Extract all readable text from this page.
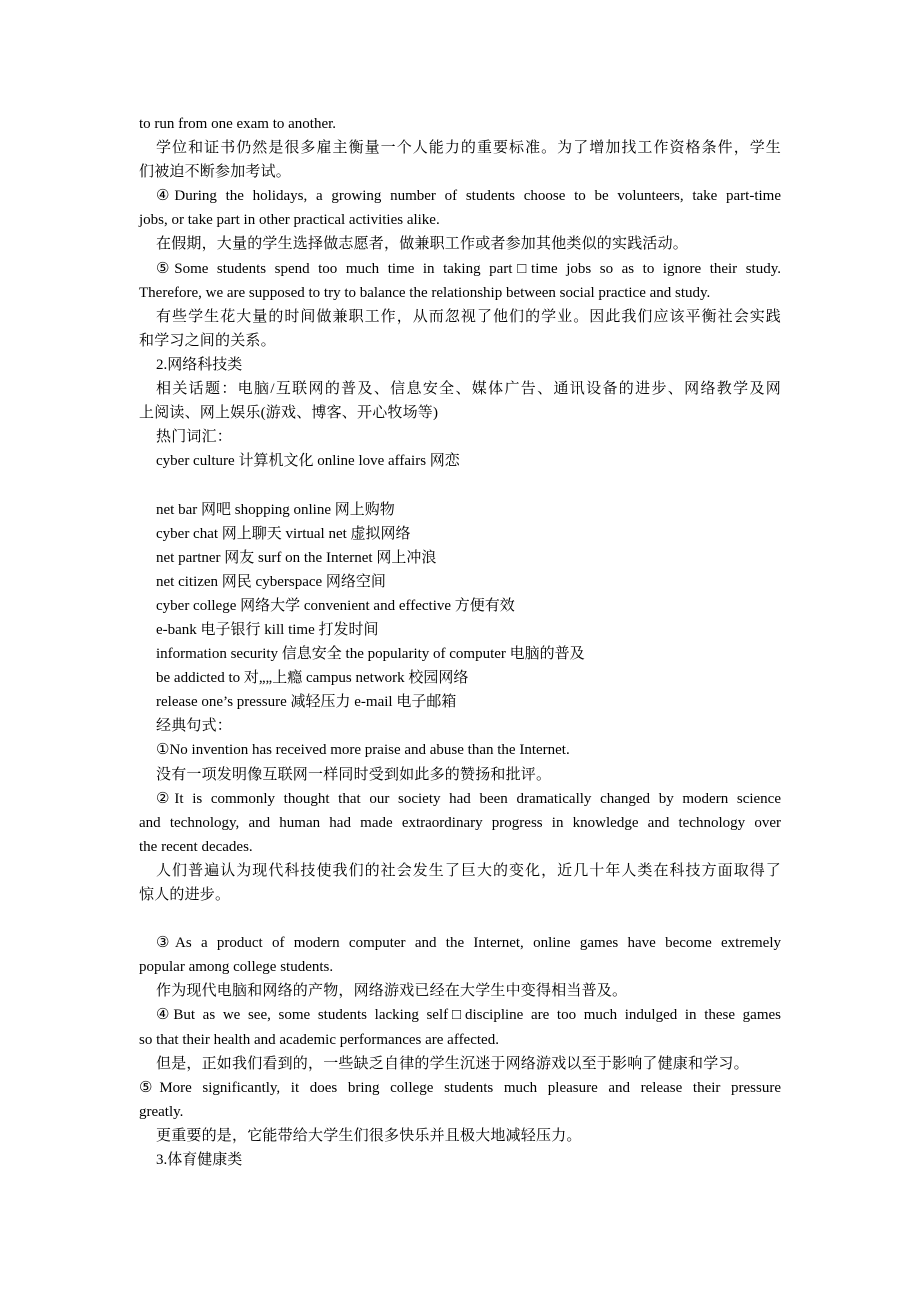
to run from one exam to another.
学位和证书仍然是很多雇主衡量一个人能力的重要标准。为了增加找工作资格条件，学生
们被迫不断参加考试。
④During the holidays, a growing number of students choose to be volunteers, take part-time
jobs, or take part in other practical activities alike.
在假期，大量的学生选择做志愿者，做兼职工作或者参加其他类似的实践活动。
⑤Some students spend too much time in taking part□time jobs so as to ignore their study.
Therefore, we are supposed to try to balance the relationship between social practice and study.
有些学生花大量的时间做兼职工作，从而忽视了他们的学业。因此我们应该平衡社会实践
和学习之间的关系。
2.网络科技类
相关话题：电脑/互联网的普及、信息安全、媒体广告、通讯设备的进步、网络教学及网
上阅读、网上娱乐(游戏、博客、开心牧场等)
热门词汇：
cyber culture 计算机文化 online love affairs 网恋
net bar 网吧 shopping online 网上购物
cyber chat 网上聊天 virtual net 虚拟网络
net partner 网友 surf on the Internet 网上冲浪
net citizen 网民 cyberspace 网络空间
cyber college 网络大学 convenient and effective 方便有效
e-bank 电子银行 kill time 打发时间
information security 信息安全 the popularity of computer 电脑的普及
be addicted to 对„„上瘾 campus network 校园网络
release one’s pressure 减轻压力 e-mail 电子邮箱
经典句式：
①No invention has received more praise and abuse than the Internet.
没有一项发明像互联网一样同时受到如此多的赞扬和批评。
②It is commonly thought that our society had been dramatically changed by modern science
and technology, and human had made extraordinary progress in knowledge and technology over
the recent decades.
人们普遍认为现代科技使我们的社会发生了巨大的变化，近几十年人类在科技方面取得了
惊人的进步。
③As a product of modern computer and the Internet, online games have become extremely
popular among college students.
作为现代电脑和网络的产物，网络游戏已经在大学生中变得相当普及。
④But as we see, some students lacking self□discipline are too much indulged in these games
so that their health and academic performances are affected.
但是，正如我们看到的，一些缺乏自律的学生沉迷于网络游戏以至于影响了健康和学习。
⑤More significantly, it does bring college students much pleasure and release their pressure
greatly.
更重要的是，它能带给大学生们很多快乐并且极大地减轻压力。
3.体育健康类
